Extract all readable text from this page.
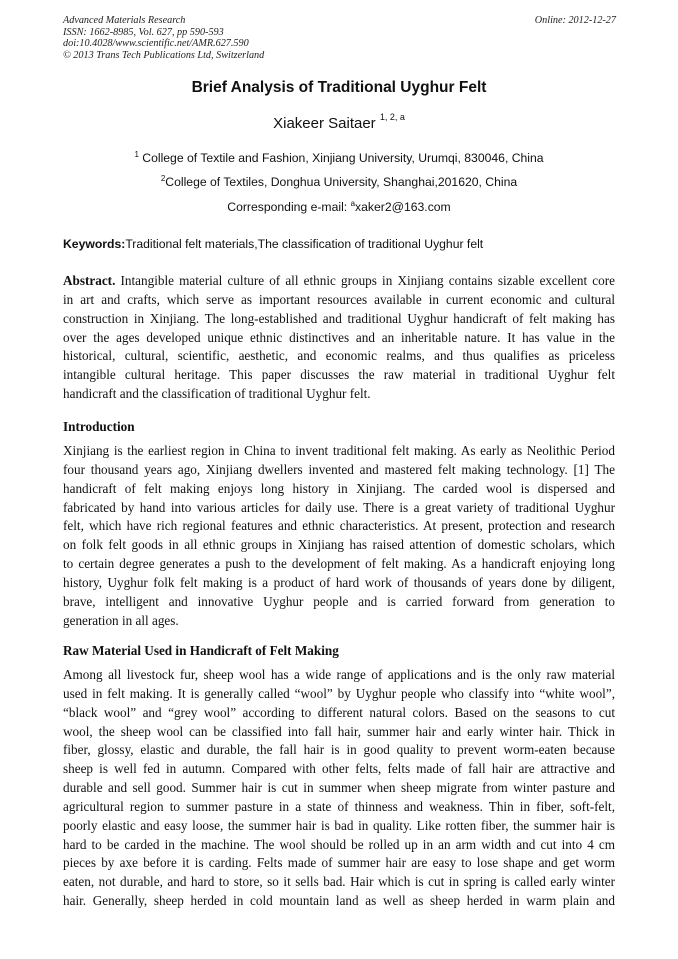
Advanced Materials Research
ISSN: 1662-8985, Vol. 627, pp 590-593
doi:10.4028/www.scientific.net/AMR.627.590
© 2013 Trans Tech Publications Ltd, Switzerland
Online: 2012-12-27
Brief Analysis of Traditional Uyghur Felt
Xiakeer Saitaer $^{1, 2, a}$
$^1$ College of Textile and Fashion, Xinjiang University, Urumqi, 830046, China
$^2$College of Textiles, Donghua University, Shanghai,201620, China
Corresponding e-mail: $^a$xaker2@163.com
Keywords:Traditional felt materials,The classification of traditional Uyghur felt
Abstract. Intangible material culture of all ethnic groups in Xinjiang contains sizable excellent core
in art and crafts, which serve as important resources available in current economic and cultural
construction in Xinjiang. The long-established and traditional Uyghur handicraft of felt making has
over the ages developed unique ethnic distinctives and an inheritable nature. It has value in the
historical, cultural, scientific, aesthetic, and economic realms, and thus qualifies as priceless
intangible cultural heritage. This paper discusses the raw material in traditional Uyghur felt
handicraft and the classification of traditional Uyghur felt.
Introduction
Xinjiang is the earliest region in China to invent traditional felt making. As early as Neolithic Period
four thousand years ago, Xinjiang dwellers invented and mastered felt making technology. [1] The
handicraft of felt making enjoys long history in Xinjiang. The carded wool is dispersed and
fabricated by hand into various articles for daily use. There is a great variety of traditional Uyghur
felt, which have rich regional features and ethnic characteristics. At present, protection and research
on folk felt goods in all ethnic groups in Xinjiang has raised attention of domestic scholars, which
to certain degree generates a push to the development of felt making. As a handicraft enjoying long
history, Uyghur folk felt making is a product of hard work of thousands of years done by diligent,
brave, intelligent and innovative Uyghur people and is carried forward from generation to
generation in all ages.
Raw Material Used in Handicraft of Felt Making
Among all livestock fur, sheep wool has a wide range of applications and is the only raw material
used in felt making. It is generally called “wool” by Uyghur people who classify into “white wool”,
“black wool” and “grey wool” according to different natural colors. Based on the seasons to cut
wool, the sheep wool can be classified into fall hair, summer hair and early winter hair. Thick in
fiber, glossy, elastic and durable, the fall hair is in good quality to prevent worm-eaten because
sheep is well fed in autumn. Compared with other felts, felts made of fall hair are attractive and
durable and sell good. Summer hair is cut in summer when sheep migrate from winter pasture and
agricultural region to summer pasture in a state of thinness and weakness. Thin in fiber, soft-felt,
poorly elastic and easy loose, the summer hair is bad in quality. Like rotten fiber, the summer hair is
hard to be carded in the machine. The wool should be rolled up in an arm width and cut into 4 cm
pieces by axe before it is carding. Felts made of summer hair are easy to lose shape and get worm
eaten, not durable, and hard to store, so it sells bad. Hair which is cut in spring is called early winter
hair. Generally, sheep herded in cold mountain land as well as sheep herded in warm plain and
